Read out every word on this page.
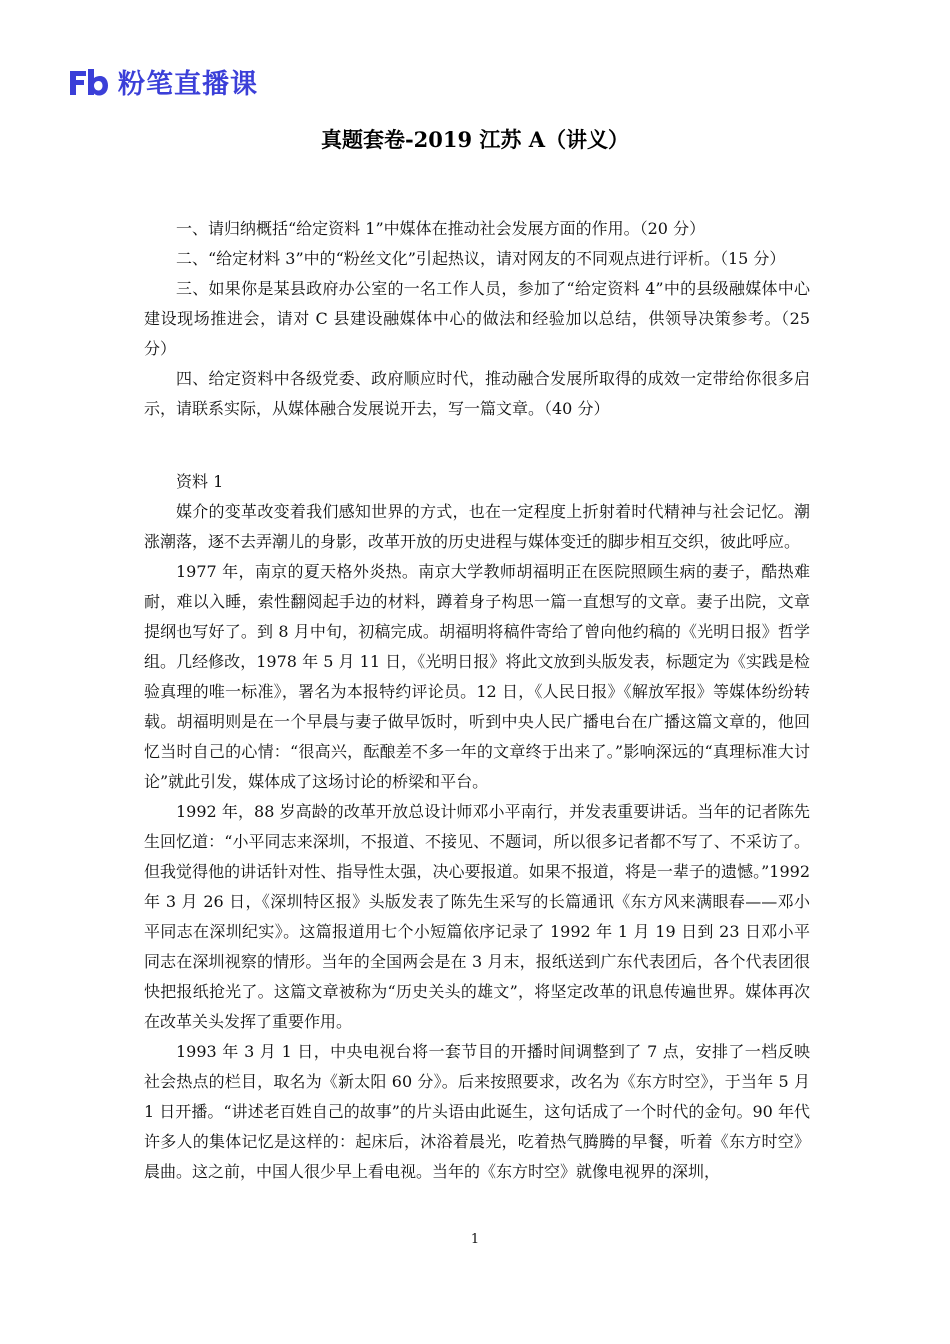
粉笔直播课
真题套卷-2019 江苏 A（讲义）

一、请归纳概括“给定资料 1”中媒体在推动社会发展方面的作用。（20 分）

二、“给定材料 3”中的“粉丝文化”引起热议，请对网友的不同观点进行评析。（15 分）

三、如果你是某县政府办公室的一名工作人员，参加了“给定资料 4”中的县级融媒体中心建设现场推进会，请对 C 县建设融媒体中心的做法和经验加以总结，供领导决策参考。（25 分）

四、给定资料中各级党委、政府顺应时代，推动融合发展所取得的成效一定带给你很多启示，请联系实际，从媒体融合发展说开去，写一篇文章。（40 分）

资料 1

媒介的变革改变着我们感知世界的方式，也在一定程度上折射着时代精神与社会记忆。潮涨潮落，逐不去弄潮儿的身影，改革开放的历史进程与媒体变迁的脚步相互交织，彼此呼应。

1977 年，南京的夏天格外炎热。南京大学教师胡福明正在医院照顾生病的妻子，酷热难耐，难以入睡，索性翻阅起手边的材料，蹲着身子构思一篇一直想写的文章。妻子出院，文章提纲也写好了。到 8 月中旬，初稿完成。胡福明将稿件寄给了曾向他约稿的《光明日报》哲学组。几经修改，1978 年 5 月 11 日，《光明日报》将此文放到头版发表，标题定为《实践是检验真理的唯一标准》，署名为本报特约评论员。12 日，《人民日报》《解放军报》等媒体纷纷转载。胡福明则是在一个早晨与妻子做早饭时，听到中央人民广播电台在广播这篇文章的，他回忆当时自己的心情：“很高兴，酝酿差不多一年的文章终于出来了。”影响深远的“真理标准大讨论”就此引发，媒体成了这场讨论的桥梁和平台。

1992 年，88 岁高龄的改革开放总设计师邓小平南行，并发表重要讲话。当年的记者陈先生回忆道：“小平同志来深圳，不报道、不接见、不题词，所以很多记者都不写了、不采访了。但我觉得他的讲话针对性、指导性太强，决心要报道。如果不报道，将是一辈子的遗憾。”1992 年 3 月 26 日，《深圳特区报》头版发表了陈先生采写的长篇通讯《东方风来满眼春——邓小平同志在深圳纪实》。这篇报道用七个小短篇依序记录了 1992 年 1 月 19 日到 23 日邓小平同志在深圳视察的情形。当年的全国两会是在 3 月末，报纸送到广东代表团后，各个代表团很快把报纸抢光了。这篇文章被称为“历史关头的雄文”，将坚定改革的讯息传遍世界。媒体再次在改革关头发挥了重要作用。

1993 年 3 月 1 日，中央电视台将一套节目的开播时间调整到了 7 点，安排了一档反映社会热点的栏目，取名为《新太阳 60 分》。后来按照要求，改名为《东方时空》，于当年 5 月 1 日开播。“讲述老百姓自己的故事”的片头语由此诞生，这句话成了一个时代的金句。90 年代许多人的集体记忆是这样的：起床后，沐浴着晨光，吃着热气腾腾的早餐，听着《东方时空》晨曲。这之前，中国人很少早上看电视。当年的《东方时空》就像电视界的深圳，

1
